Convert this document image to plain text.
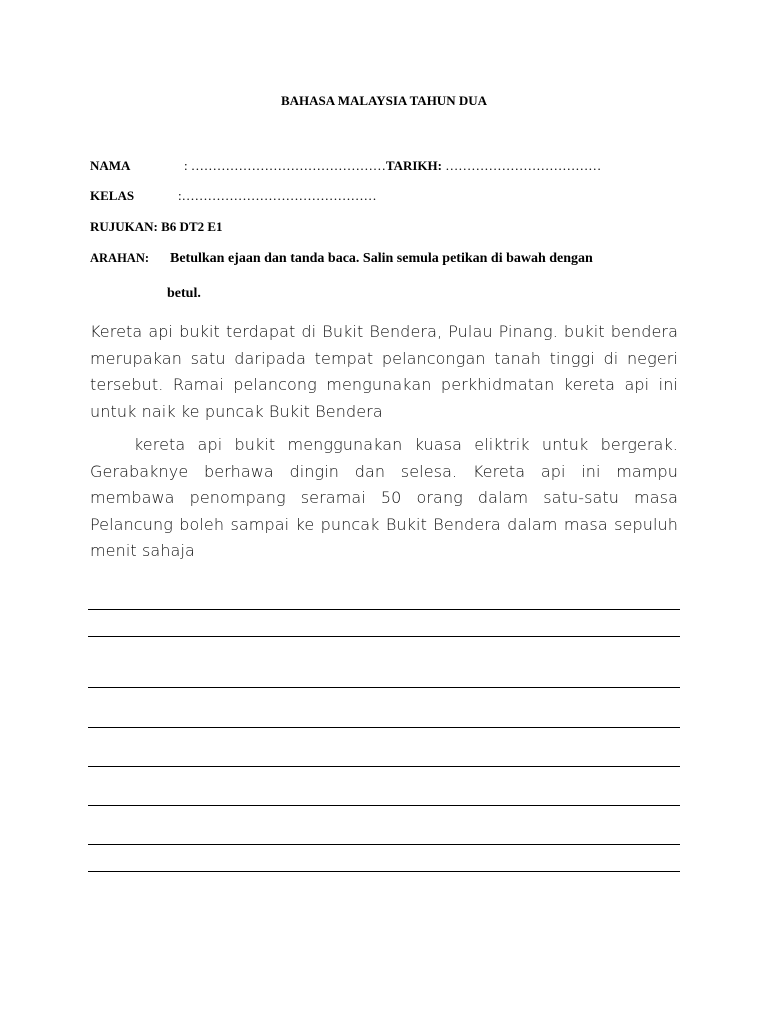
BAHASA MALAYSIA TAHUN DUA
NAMA	: ………………………………………TARIKH: ………………………………
KELAS	:………………………………………
RUJUKAN: B6 DT2 E1
ARAHAN: Betulkan ejaan dan tanda baca. Salin semula petikan di bawah dengan
betul.
Kereta api bukit terdapat di Bukit Bendera, Pulau Pinang. bukit bendera merupakan satu daripada tempat pelancongan tanah tinggi di negeri tersebut. Ramai pelancong mengunakan perkhidmatan kereta api ini untuk naik ke puncak Bukit Bendera
kereta api bukit menggunakan kuasa eliktrik untuk bergerak. Gerabaknye berhawa dingin dan selesa. Kereta api ini mampu membawa penompang seramai 50 orang dalam satu-satu masa Pelancung boleh sampai ke puncak Bukit Bendera dalam masa sepuluh menit sahaja
